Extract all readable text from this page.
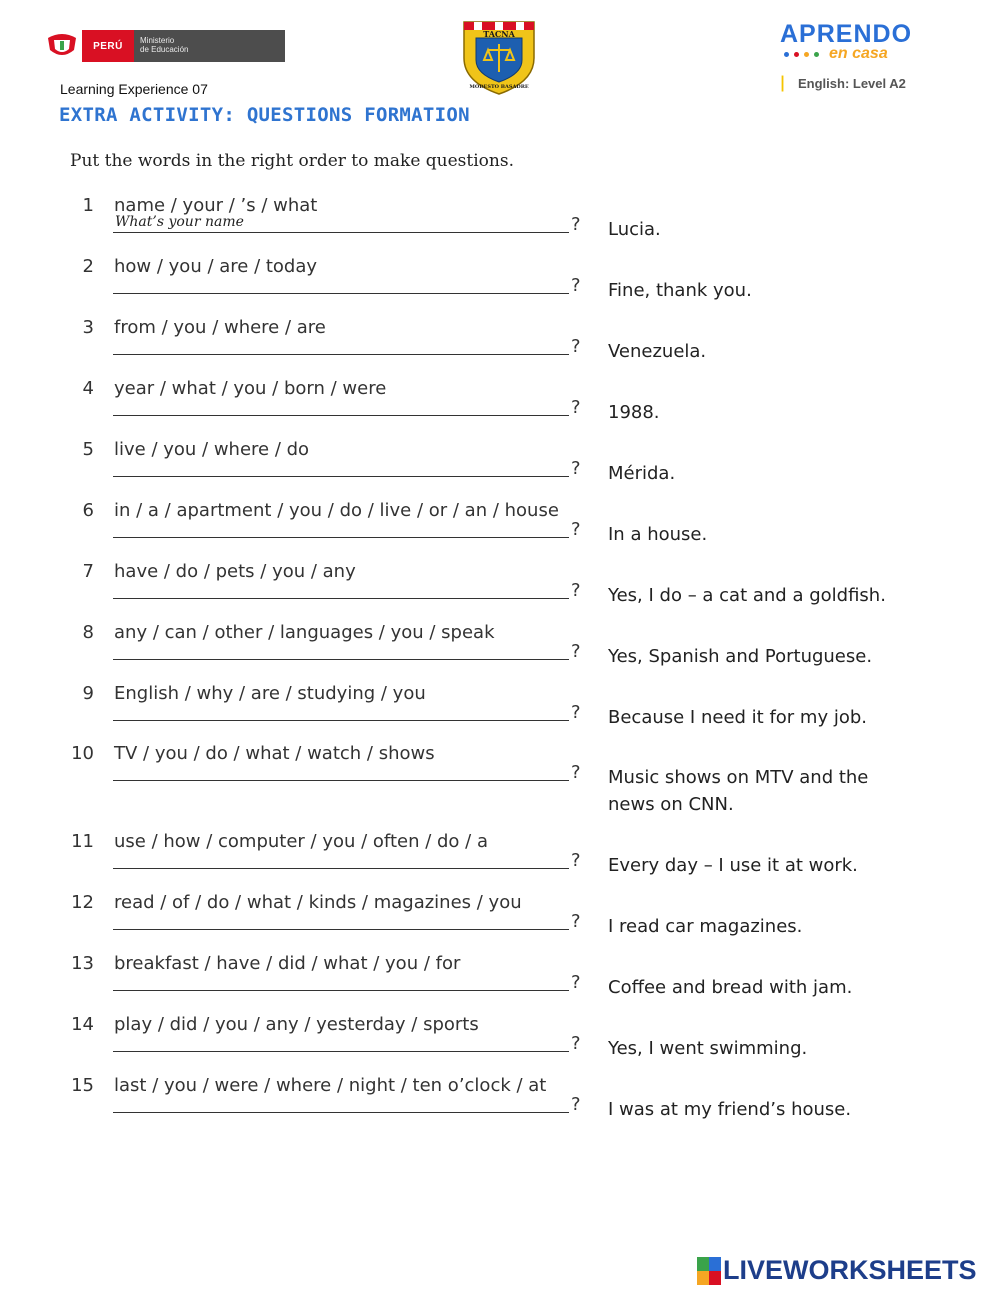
PERÚ	Ministerio
de Educación
TACNA
MODESTO BASADRE
APRENDO
en casa
▏ English: Level A2
Learning Experience 07
EXTRA ACTIVITY: QUESTIONS FORMATION
Put the words in the right order to make questions.
1 name / your / ’s / what
What’s your name	? Lucia.
2 how / you / are / today
? Fine, thank you.
3 from / you / where / are
? Venezuela.
4 year / what / you / born / were
? 1988.
5 live / you / where / do
? Mérida.
6 in / a / apartment / you / do / live / or / an / house
? In a house.
7 have / do / pets / you / any
? Yes, I do – a cat and a goldfish.
8 any / can / other / languages / you / speak
? Yes, Spanish and Portuguese.
9 English / why / are / studying / you
? Because I need it for my job.
10 TV / you / do / what / watch / shows
? Music shows on MTV and the news on CNN.
11 use / how / computer / you / often / do / a
? Every day – I use it at work.
12 read / of / do / what / kinds / magazines / you
? I read car magazines.
13 breakfast / have / did / what / you / for
? Coffee and bread with jam.
14 play / did / you / any / yesterday / sports
? Yes, I went swimming.
15 last / you / were / where / night / ten o’clock / at
? I was at my friend’s house.
LIVEWORKSHEETS
